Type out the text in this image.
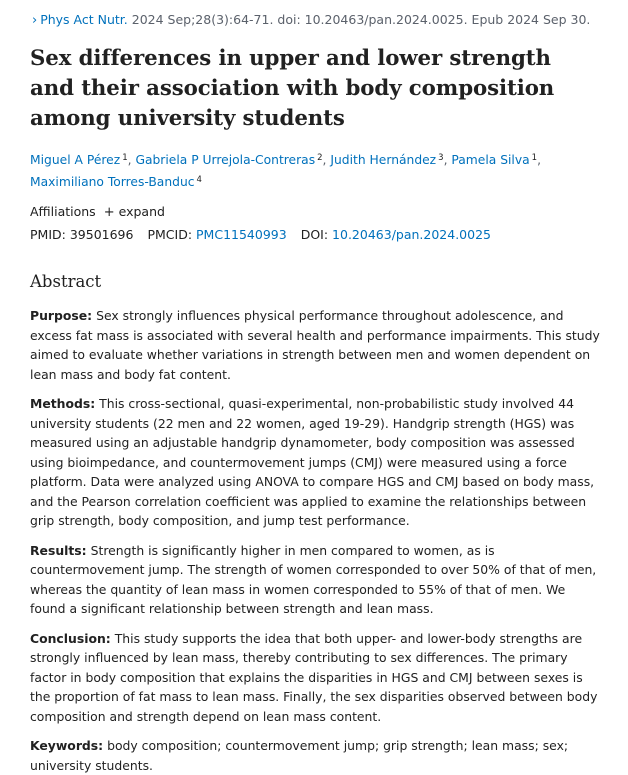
› Phys Act Nutr. 2024 Sep;28(3):64-71. doi: 10.20463/pan.2024.0025. Epub 2024 Sep 30.
Sex differences in upper and lower strength and their association with body composition among university students
Miguel A Pérez $^1$, Gabriela P Urrejola-Contreras $^2$, Judith Hernández $^3$, Pamela Silva $^1$,
Maximiliano Torres-Banduc $^4$
Affiliations + expand
PMID: 39501696 PMCID: PMC11540993 DOI: 10.20463/pan.2024.0025
Abstract
Purpose: Sex strongly influences physical performance throughout adolescence, and excess fat mass is associated with several health and performance impairments. This study aimed to evaluate whether variations in strength between men and women dependent on lean mass and body fat content.
Methods: This cross-sectional, quasi-experimental, non-probabilistic study involved 44 university students (22 men and 22 women, aged 19-29). Handgrip strength (HGS) was measured using an adjustable handgrip dynamometer, body composition was assessed using bioimpedance, and countermovement jumps (CMJ) were measured using a force platform. Data were analyzed using ANOVA to compare HGS and CMJ based on body mass, and the Pearson correlation coefficient was applied to examine the relationships between grip strength, body composition, and jump test performance.
Results: Strength is significantly higher in men compared to women, as is countermovement jump. The strength of women corresponded to over 50% of that of men, whereas the quantity of lean mass in women corresponded to 55% of that of men. We found a significant relationship between strength and lean mass.
Conclusion: This study supports the idea that both upper- and lower-body strengths are strongly influenced by lean mass, thereby contributing to sex differences. The primary factor in body composition that explains the disparities in HGS and CMJ between sexes is the proportion of fat mass to lean mass. Finally, the sex disparities observed between body composition and strength depend on lean mass content.
Keywords: body composition; countermovement jump; grip strength; lean mass; sex; university students.
